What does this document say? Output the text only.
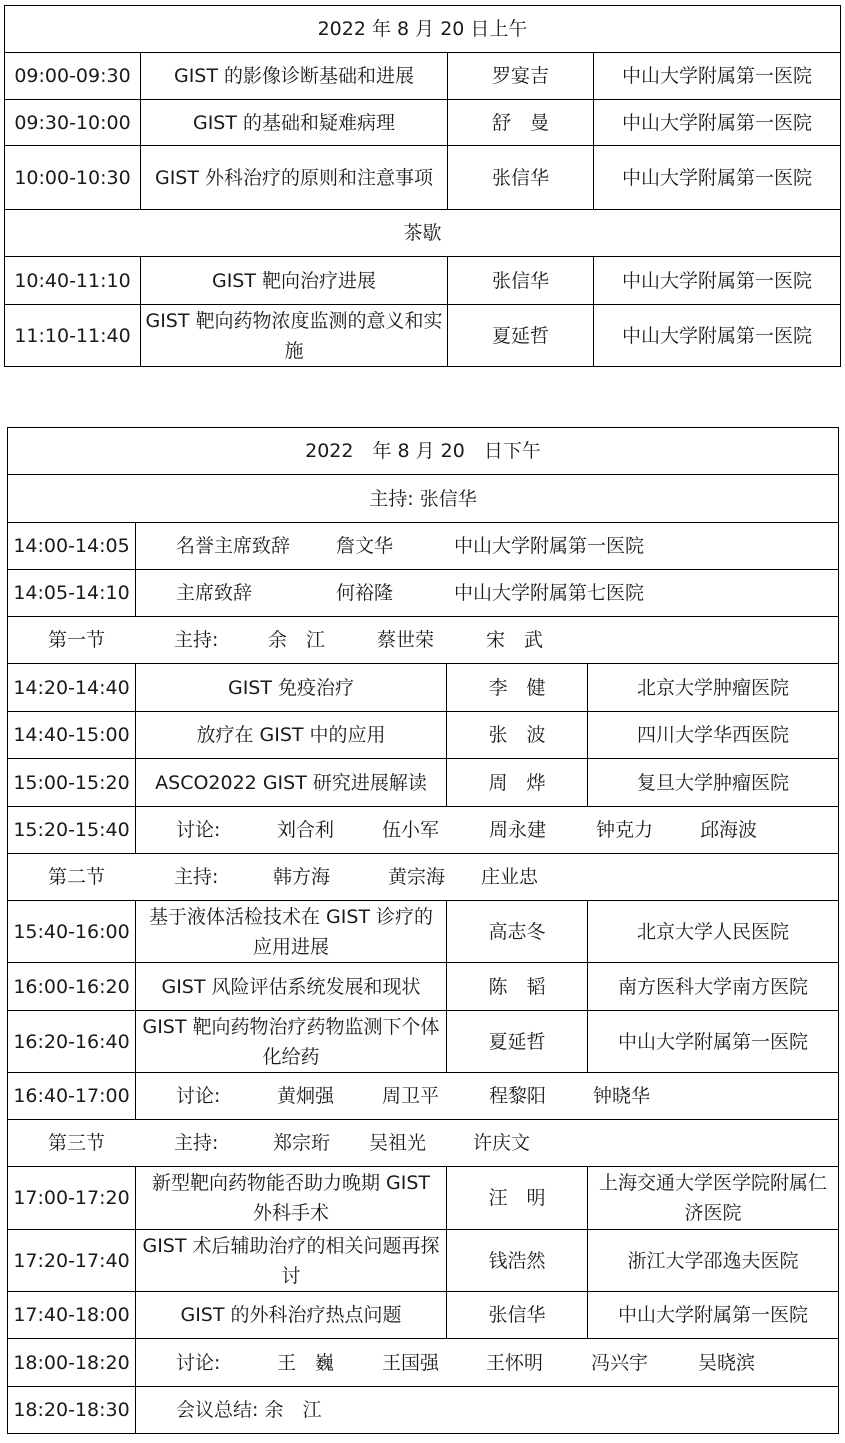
2022 年 8 月 20 日上午			
09:00-09:30	GIST 的影像诊断基础和进展	罗宴吉	中山大学附属第一医院
09:30-10:00	GIST 的基础和疑难病理	舒　曼	中山大学附属第一医院
10:00-10:30	GIST 外科治疗的原则和注意事项	张信华	中山大学附属第一医院
茶歇			
10:40-11:10	GIST 靶向治疗进展	张信华	中山大学附属第一医院
11:10-11:40	GIST 靶向药物浓度监测的意义和实施	夏延哲	中山大学附属第一医院
2022　年 8 月 20　日下午			
主持: 张信华			
14:00-14:05	名誉主席致辞 詹文华 中山大学附属第一医院		
14:05-14:10	主席致辞 何裕隆 中山大学附属第七医院		
第一节 主持: 余　江 蔡世荣 宋　武			
14:20-14:40	GIST 免疫治疗	李　健	北京大学肿瘤医院
14:40-15:00	放疗在 GIST 中的应用	张　波	四川大学华西医院
15:00-15:20	ASCO2022 GIST 研究进展解读	周　烨	复旦大学肿瘤医院
15:20-15:40	讨论: 刘合利 伍小军 周永建 钟克力 邱海波		
第二节 主持: 韩方海 黄宗海 庄业忠			
15:40-16:00	基于液体活检技术在 GIST 诊疗的应用进展	高志冬	北京大学人民医院
16:00-16:20	GIST 风险评估系统发展和现状	陈　韬	南方医科大学南方医院
16:20-16:40	GIST 靶向药物治疗药物监测下个体化给药	夏延哲	中山大学附属第一医院
16:40-17:00	讨论: 黄炯强 周卫平 程黎阳 钟晓华		
第三节 主持: 郑宗珩 吴祖光 许庆文			
17:00-17:20	新型靶向药物能否助力晚期 GIST 外科手术	汪　明	上海交通大学医学院附属仁济医院
17:20-17:40	GIST 术后辅助治疗的相关问题再探讨	钱浩然	浙江大学邵逸夫医院
17:40-18:00	GIST 的外科治疗热点问题	张信华	中山大学附属第一医院
18:00-18:20	讨论: 王　巍 王国强 王怀明 冯兴宇 吴晓滨		
18:20-18:30	会议总结: 余　江		
